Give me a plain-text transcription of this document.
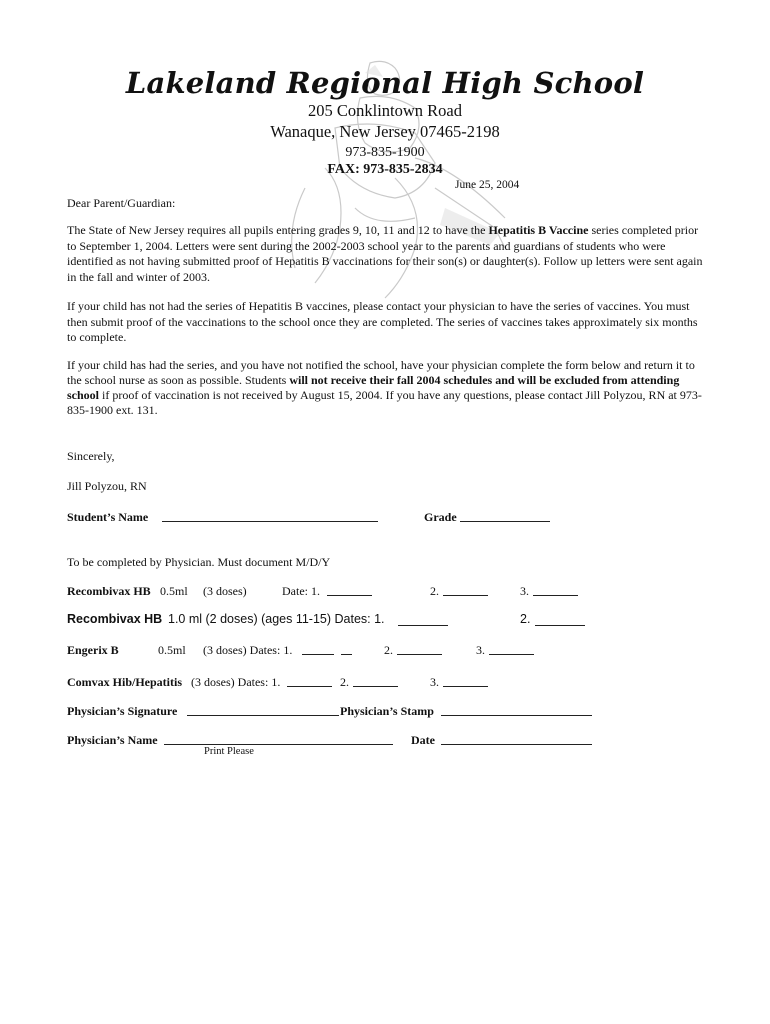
Lakeland Regional High School
205 Conklintown Road
Wanaque, New Jersey 07465-2198
973-835-1900
FAX: 973-835-2834
June 25, 2004
Dear Parent/Guardian:
The State of New Jersey requires all pupils entering grades 9, 10, 11 and 12 to have the Hepatitis B Vaccine series completed prior to September 1, 2004. Letters were sent during the 2002-2003 school year to the parents and guardians of students who were identified as not having submitted proof of Hepatitis B vaccinations for their son(s) or daughter(s). Follow up letters were sent again in the fall and winter of 2003.
If your child has not had the series of Hepatitis B vaccines, please contact your physician to have the series of vaccines. You must then submit proof of the vaccinations to the school once they are completed. The series of vaccines takes approximately six months to complete.
If your child has had the series, and you have not notified the school, have your physician complete the form below and return it to the school nurse as soon as possible. Students will not receive their fall 2004 schedules and will be excluded from attending school if proof of vaccination is not received by August 15, 2004. If you have any questions, please contact Jill Polyzou, RN at 973-835-1900 ext. 131.
Sincerely,
Jill Polyzou, RN
Student’s Name	Grade
To be completed by Physician. Must document M/D/Y
Recombivax HB 0.5ml (3 doses)	Date: 1.	2.	3.
Recombivax HB 1.0 ml (2 doses) (ages 11-15) Dates: 1.	2.
Engerix B	0.5ml (3 doses) Dates: 1.	2.	3.
Comvax Hib/Hepatitis (3 doses) Dates: 1.	2.	3.
Physician’s Signature	Physician’s Stamp
Physician’s Name	Date
Print Please
